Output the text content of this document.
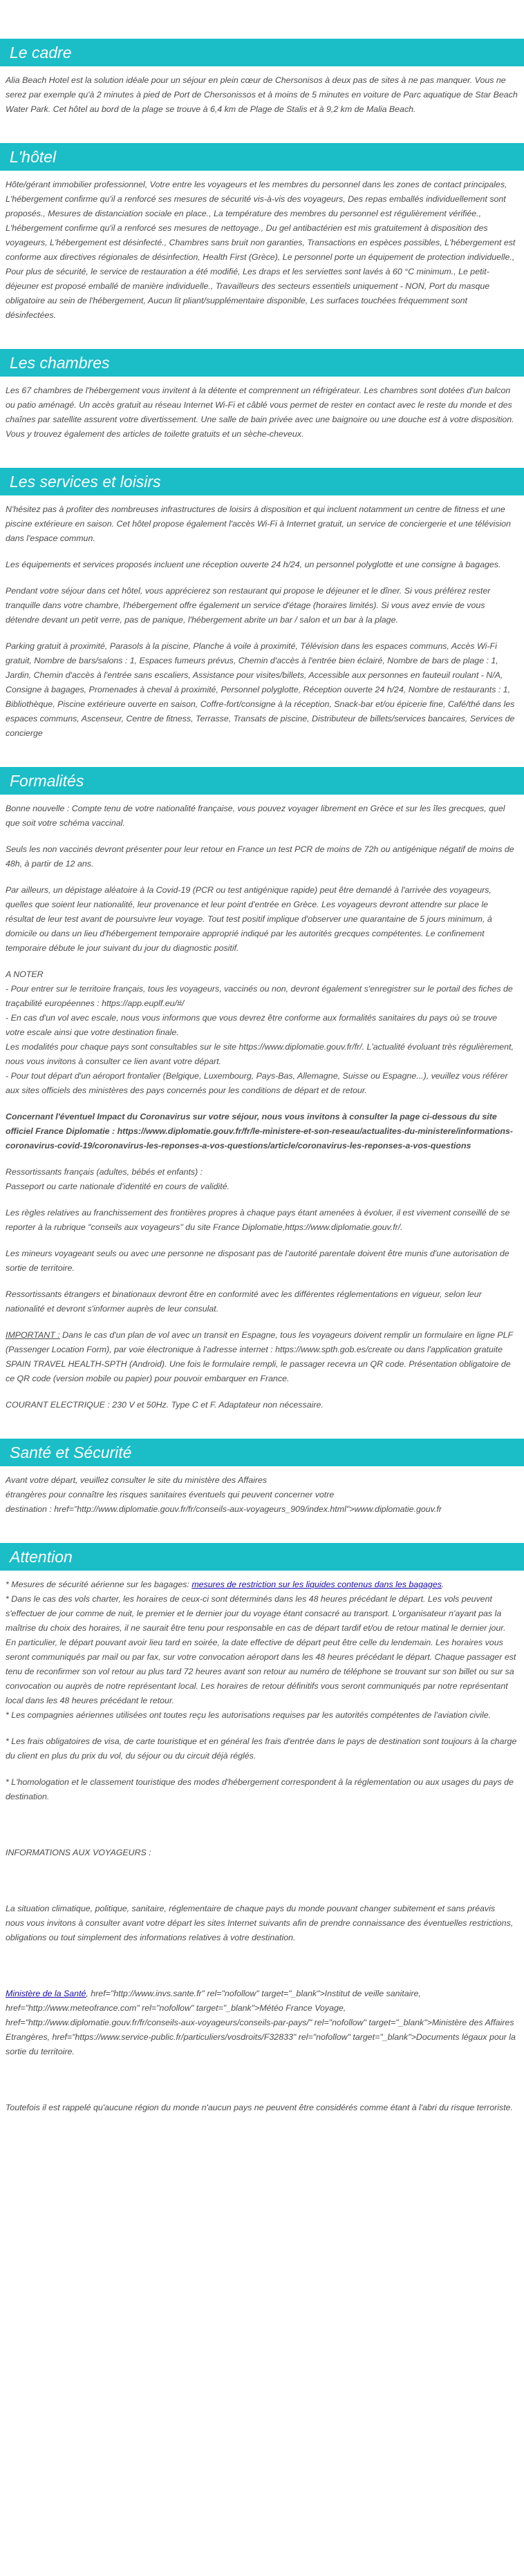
Le cadre

Alia Beach Hotel est la solution idéale pour un séjour en plein cœur de Chersonisos à deux pas de sites à ne pas manquer. Vous ne serez par exemple qu'à 2 minutes à pied de Port de Chersonissos et à moins de 5 minutes en voiture de Parc aquatique de Star Beach Water Park. Cet hôtel au bord de la plage se trouve à 6,4 km de Plage de Stalis et à 9,2 km de Malia Beach.

L'hôtel

Hôte/gérant immobilier professionnel, Votre entre les voyageurs et les membres du personnel dans les zones de contact principales, L'hébergement confirme qu'il a renforcé ses mesures de sécurité vis-à-vis des voyageurs, Des repas emballés individuellement sont proposés., Mesures de distanciation sociale en place., La température des membres du personnel est régulièrement vérifiée., L'hébergement confirme qu'il a renforcé ses mesures de nettoyage., Du gel antibactérien est mis gratuitement à disposition des voyageurs, L'hébergement est désinfecté., Chambres sans bruit non garanties, Transactions en espèces possibles, L'hébergement est conforme aux directives régionales de désinfection, Health First (Grèce), Le personnel porte un équipement de protection individuelle., Pour plus de sécurité, le service de restauration a été modifié, Les draps et les serviettes sont lavés à 60 °C minimum., Le petit-déjeuner est proposé emballé de manière individuelle., Travailleurs des secteurs essentiels uniquement - NON, Port du masque obligatoire au sein de l'hébergement, Aucun lit pliant/supplémentaire disponible, Les surfaces touchées fréquemment sont désinfectées.

Les chambres

Les 67 chambres de l'hébergement vous invitent à la détente et comprennent un réfrigérateur. Les chambres sont dotées d'un balcon ou patio aménagé. Un accès gratuit au réseau Internet Wi-Fi et câblé vous permet de rester en contact avec le reste du monde et des chaînes par satellite assurent votre divertissement. Une salle de bain privée avec une baignoire ou une douche est à votre disposition. Vous y trouvez également des articles de toilette gratuits et un sèche-cheveux.

Les services et loisirs

N'hésitez pas à profiter des nombreuses infrastructures de loisirs à disposition et qui incluent notamment un centre de fitness et une piscine extérieure en saison. Cet hôtel propose également l'accès Wi-Fi à Internet gratuit, un service de conciergerie et une télévision dans l'espace commun.

Les équipements et services proposés incluent une réception ouverte 24 h/24, un personnel polyglotte et une consigne à bagages.

Pendant votre séjour dans cet hôtel, vous apprécierez son restaurant qui propose le déjeuner et le dîner. Si vous préférez rester tranquille dans votre chambre, l'hébergement offre également un service d'étage (horaires limités). Si vous avez envie de vous détendre devant un petit verre, pas de panique, l'hébergement abrite un bar / salon et un bar à la plage.

Parking gratuit à proximité, Parasols à la piscine, Planche à voile à proximité, Télévision dans les espaces communs, Accès Wi-Fi gratuit, Nombre de bars/salons : 1, Espaces fumeurs prévus, Chemin d'accès à l'entrée bien éclairé, Nombre de bars de plage : 1, Jardin, Chemin d'accès à l'entrée sans escaliers, Assistance pour visites/billets, Accessible aux personnes en fauteuil roulant - N/A, Consigne à bagages, Promenades à cheval à proximité, Personnel polyglotte, Réception ouverte 24 h/24, Nombre de restaurants : 1, Bibliothèque, Piscine extérieure ouverte en saison, Coffre-fort/consigne à la réception, Snack-bar et/ou épicerie fine, Café/thé dans les espaces communs, Ascenseur, Centre de fitness, Terrasse, Transats de piscine, Distributeur de billets/services bancaires, Services de concierge

Formalités

Bonne nouvelle : Compte tenu de votre nationalité française, vous pouvez voyager librement en Grèce et sur les îles grecques, quel que soit votre schéma vaccinal.

Seuls les non vaccinés devront présenter pour leur retour en France un test PCR de moins de 72h ou antigénique négatif de moins de 48h, à partir de 12 ans.

Par ailleurs, un dépistage aléatoire à la Covid-19 (PCR ou test antigénique rapide) peut être demandé à l'arrivée des voyageurs, quelles que soient leur nationalité, leur provenance et leur point d'entrée en Grèce. Les voyageurs devront attendre sur place le résultat de leur test avant de poursuivre leur voyage. Tout test positif implique d'observer une quarantaine de 5 jours minimum, à domicile ou dans un lieu d'hébergement temporaire approprié indiqué par les autorités grecques compétentes. Le confinement temporaire débute le jour suivant du jour du diagnostic positif.

A NOTER
- Pour entrer sur le territoire français, tous les voyageurs, vaccinés ou non, devront également s'enregistrer sur le portail des fiches de traçabilité européennes : https://app.euplf.eu/#/
- En cas d'un vol avec escale, nous vous informons que vous devrez être conforme aux formalités sanitaires du pays où se trouve votre escale ainsi que votre destination finale.
Les modalités pour chaque pays sont consultables sur le site https://www.diplomatie.gouv.fr/fr/. L'actualité évoluant très régulièrement, nous vous invitons à consulter ce lien avant votre départ.
- Pour tout départ d'un aéroport frontalier (Belgique, Luxembourg, Pays-Bas, Allemagne, Suisse ou Espagne...), veuillez vous référer aux sites officiels des ministères des pays concernés pour les conditions de départ et de retour.

Concernant l'éventuel Impact du Coronavirus sur votre séjour, nous vous invitons à consulter la page ci-dessous du site officiel France Diplomatie : https://www.diplomatie.gouv.fr/fr/le-ministere-et-son-reseau/actualites-du-ministere/informations-coronavirus-covid-19/coronavirus-les-reponses-a-vos-questions/article/coronavirus-les-reponses-a-vos-questions

Ressortissants français (adultes, bébés et enfants) :
Passeport ou carte nationale d'identité en cours de validité.

Les règles relatives au franchissement des frontières propres à chaque pays étant amenées à évoluer, il est vivement conseillé de se reporter à la rubrique "conseils aux voyageurs" du site France Diplomatie,https://www.diplomatie.gouv.fr/.

Les mineurs voyageant seuls ou avec une personne ne disposant pas de l'autorité parentale doivent être munis d'une autorisation de sortie de territoire.

Ressortissants étrangers et binationaux devront être en conformité avec les différentes réglementations en vigueur, selon leur nationalité et devront s'informer auprès de leur consulat.

IMPORTANT : Dans le cas d'un plan de vol avec un transit en Espagne, tous les voyageurs doivent remplir un formulaire en ligne PLF (Passenger Location Form), par voie électronique à l'adresse internet : https://www.spth.gob.es/create ou dans l'application gratuite SPAIN TRAVEL HEALTH-SPTH (Android). Une fois le formulaire rempli, le passager recevra un QR code. Présentation obligatoire de ce QR code (version mobile ou papier) pour pouvoir embarquer en France.

COURANT ELECTRIQUE : 230 V et 50Hz. Type C et F. Adaptateur non nécessaire.

Santé et Sécurité

Avant votre départ, veuillez consulter le site du ministère des Affaires
étrangères pour connaître les risques sanitaires éventuels qui peuvent concerner votre
destination : href="http://www.diplomatie.gouv.fr/fr/conseils-aux-voyageurs_909/index.html">www.diplomatie.gouv.fr

Attention

* Mesures de sécurité aérienne sur les bagages: mesures de restriction sur les liquides contenus dans les bagages.
* Dans le cas des vols charter, les horaires de ceux-ci sont déterminés dans les 48 heures précédant le départ. Les vols peuvent s'effectuer de jour comme de nuit, le premier et le dernier jour du voyage étant consacré au transport. L'organisateur n'ayant pas la maîtrise du choix des horaires, il ne saurait être tenu pour responsable en cas de départ tardif et/ou de retour matinal le dernier jour. En particulier, le départ pouvant avoir lieu tard en soirée, la date effective de départ peut être celle du lendemain. Les horaires vous seront communiqués par mail ou par fax, sur votre convocation aéroport dans les 48 heures précédant le départ. Chaque passager est tenu de reconfirmer son vol retour au plus tard 72 heures avant son retour au numéro de téléphone se trouvant sur son billet ou sur sa convocation ou auprès de notre représentant local. Les horaires de retour définitifs vous seront communiqués par notre représentant local dans les 48 heures précédant le retour.
* Les compagnies aériennes utilisées ont toutes reçu les autorisations requises par les autorités compétentes de l'aviation civile.

* Les frais obligatoires de visa, de carte touristique et en général les frais d'entrée dans le pays de destination sont toujours à la charge du client en plus du prix du vol, du séjour ou du circuit déjà réglés.

* L'homologation et le classement touristique des modes d'hébergement correspondent à la réglementation ou aux usages du pays de destination.

INFORMATIONS AUX VOYAGEURS :

La situation climatique, politique, sanitaire, réglementaire de chaque pays du monde pouvant changer subitement et sans préavis
nous vous invitons à consulter avant votre départ les sites Internet suivants afin de prendre connaissance des éventuelles restrictions, obligations ou tout simplement des informations relatives à votre destination.

Ministère de la Santé, href="http://www.invs.sante.fr" rel="nofollow" target="_blank">Institut de veille sanitaire, href="http://www.meteofrance.com" rel="nofollow" target="_blank">Météo France Voyage, href="http://www.diplomatie.gouv.fr/fr/conseils-aux-voyageurs/conseils-par-pays/" rel="nofollow" target="_blank">Ministère des Affaires Etrangères, href="https://www.service-public.fr/particuliers/vosdroits/F32833" rel="nofollow" target="_blank">Documents légaux pour la sortie du territoire.

Toutefois il est rappelé qu'aucune région du monde n'aucun pays ne peuvent être considérés comme étant à l'abri du risque terroriste.
